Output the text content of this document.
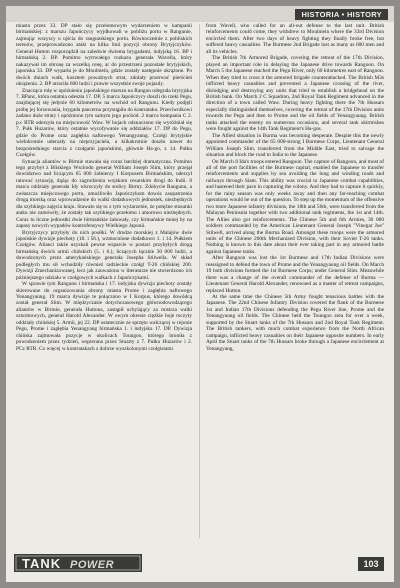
HISTORIA • HISTORY

miasta przez 33. DP stało się przełomowym wydarzeniem w kampanii birmańskiej: z marszu Japończycy wyjdkowali w pobliżu portu w Rangunie, zajmując wszyscy u ujścia do rangunskiego portu. Równocześnie z pobliskich terenów, przeprowadzono ataki na kilka linii pozycji obrony Brytyjczyków. Generał Hutton rozporządził na zaledwie dwiema brygadami, indyjską 16. BP i birmańską 2. BP. Pomimo wytrwałego rozkazu generała Wavella, który nakazywał im obronę za wszelką cenę, ar do przestrzeni pozostałe brytyjskich, japońska 33. DP wyparła je do Moulmein, gdzie zostały następnie okrążone. Po dwóch dniach walk, kosztem poważnych strat, zdołały przerwać pierścień okrążenia. 2. BP utraciła 600 ludzi i prawie wszystkie swoje pojazdy.

Znacząca rolę w opóźnieniu japońskiego marszu na Rangun odegrała brytyjska 7. BPanc, która ostatnia odeszła 17. DP, 5 marca Japończycy doszli do rzeki Pegu, znajdującej się jedynie 60 kilometrów na wschód od Rangunu. Kiedy podjęli próbę jej forsowania, brygada pancerna przystąpiła do kontrataku. Przeciwnikowi zadano duże straty i opóźniono tym samym jego pochód. 2 marca kompania C 2. p.c RTR uderzyła na miejscowość Waw. W bojach odznaczono się wyróżniał się 7. Pułk Huzarów, który ostatnie wycofywanie się oddziałów 17. DP do Pegu, gdzie do Prome oraz zagłębia naftowego Yenangyaung. Czołgi brytyjskie wielokrotnie uderzały na nieprzyjaciela, a kilkakrotnie doszło nawet do bezpośredniego starcia z czołgami japońskimi, głównie Ha-go, z 14. Pułku Czołgów.

Sytuacja aliantów w Birmie stawała się coraz bardziej dramatyczna. Pomimo tego przybył z Bliskiego Wschodu generał William Joseph Slim, który przejął dowództwo nad liczącym 65 000 żołnierzy I Korpusem Birmańskim, uderzył ratować sytuację, dążąc do zagrodzenia wojskom cesarskim drogi do Indii. 8 marca oddziały generała Idy wkroczyły do stolicy Birmy. Zdobycie Rangunu, a zwłaszcza miejscowego portu, umożliwiło Japończykom dowóz zaopatrzenia drogą morską oraz wprowadzenie do walki dodatkowych jednostek, niezbędnych dla szybkiego zajęcia kraju. Stawało się to z tym wyżarzenie, że potężne stosunki ataku nie zamówiły, że zostały tak szybkiego przełomu i amorowo niezbędnych. Coraz to liczne jednostki dwie birmańskie żałowały, czy birmańskie mniej by na zapasy nowych wypadów kontrofensywy Wielkiego Japonii.

Brytyjczycy przybyły do nich posiłki. W drodze morskiej z Malajów dwie japońskie dywizje piechoty (18. i 56.), wzmocnione dodatkowo 1. i 14. Pułkiem Czołgów. Alianci także uzyskali pewne wsparcie w postaci przybyłych drogą birmańską dwóch armii chińskich (5. i 6.), liczących łącznie 30 000 ludzi, a dowodzonych przez amerykańskiego generała Josepha Stilwella. W skład podległych mu sił wchodziły również radzieckie czołgi T-26 chińskiej 200. Dywizji Zmechanizowanej, lecz jak zauważono w literaturze nie stwierdzono ich późniejszego udziału w czołgowych walkach z Japończykami.

W sprawie tym Rangunu i birmańska i 17. indyjska dywizja piechoty zostały skierowane do organizowania obrony miasta Prome i zagłębia naftowego Yenangyaung. 19 marca dywizje te połączono w I Korpus, którego dowódcą został generał Slim. W międzyczasie dotychczasowego głównodowodzącego aliantów w Birmie, generała Huttona, zastąpił uchylający za mistrza walki szturmowych, generał Harold Alexander. W owym okresie ciężkie boje toczyły oddziały chińskiej 5. Armii, jej 22. DP ostatecznie ze sprzętu walczącej w rejonie Pegu, Prome i zagłębia Yenangyang birmańska 1. i indyjska 17. DP. Dywizja chińska zajmowała pozycje w okolicach Toungoo, którego broniła z powodzeniem przez tydzień, wspierana przez Stuarty z 7. Pułku Huzarów i 2. PCz RTR. Co więcej w kontratakach z dobrze wyszkolonymi czołgistami

from Wavell, who called for an all-out defense to the last unit. British reinforcements could come, they withdrew to Moulmein where the 33rd Division encircled them. After two days of heavy fighting they finally broke free, but suffered heavy casualties. The Burmese 2nd Brigade lost as many as 600 men and all its vehicles.

The British 7th Armored Brigade, covering the retreat of the 17th Division, played an important role in delaying the Japanese drive towards Rangoon. On March 5 the Japanese reached the Pegu River, only 60 kilometres east of Rangoon. When they tried to cross it the armored brigade counterattacked. The British M3s inflicted heavy casualties and prevented a Japanese crossing of the river, dislodging and destroying any units that tried to establish a bridgehead on the British bank. On March 2 C Squadron, 2nd Royal Tank Regiment advanced in the direction of a town called Waw. During heavy fighting there the 7th Hussars especially distinguished themselves, covering the retreat of the 17th Division units towards the Pegu and then to Prome and the oil fields of Yenangyaung. British tanks attacked the enemy on numerous occasions, and several tank skirmishes were fought against the 14th Tank Regiment's Ha-gos.

The Allied situation in Burma was becoming desperate. Despite this the newly appointed commander of the 65 000-strong I Burmese Corps, Lieutenant General William Joseph Slim, transferred from the Middle East, tried to salvage the situation and block the road to India to the Japanese.

On March 8 Ida's troops entered Rangoon. The capture of Rangoon, and most of all of the port facilities of the Burmese capital, enabled the Japanese to transfer reinforcements and supplies by sea avoiding the long and winding roads and railways through Siam. This ability was crucial to Japanese combat capabilities, and hastened their pace in capturing the colony. And they had to capture it quickly, for the rainy season was only weeks away and then any far-reaching combat operations would be out of the question. To step up the momentum of the offensive two more Japanese infantry divisions, the 18th and 56th, were transferred from the Malayan Peninsula together with two additional tank regiments, the 1st and 14th. The Allies also got reinforcements. The Chinese 5th and 6th Armies, 30 000 soldiers commanded by the American Lieutenant General Joseph "Vinegar Joe" Stilwell, arrived along the Burma Road. Amongst these troops were the armored units of the Chinese 200th Mechanized Division, with their Soviet T-26 tanks. Nothing is known to this date about their ever taking part in any armored battle against Japanese tanks.

After Rangoon was lost the 1st Burmese and 17th Indian Divisions were reassigned to defend the town of Prome and the Yenangyaung oil fields. On March 19 both divisions formed the 1st Burmese Corps; under General Slim. Meanwhile there was a change of the overall commander of the defense of Burma — Lieutenant General Harold Alexander, renowned as a master of retreat campaigns, replaced Hutton.

At the same time the Chinese 5th Army fought tenacious battles with the Japanese. The 22nd Chinese Infantry Division covered the flank of the Burmese 1st and Indian 17th Divisions defending the Pegu River line, Prome and the Yenangyaung oil fields. The Chinese held the Toungoo area for over a week, supported by the Stuart tanks of the 7th Hussars and 2nd Royal Tank Regiment. The British tankers, with much combat experience from the North African campaign, inflicted heavy casualties on their Japanese opposite numbers. In early April the Stuart tanks of the 7th Hussars broke through a Japanese encirclement at Yenangyang,

TANK POWER	103
